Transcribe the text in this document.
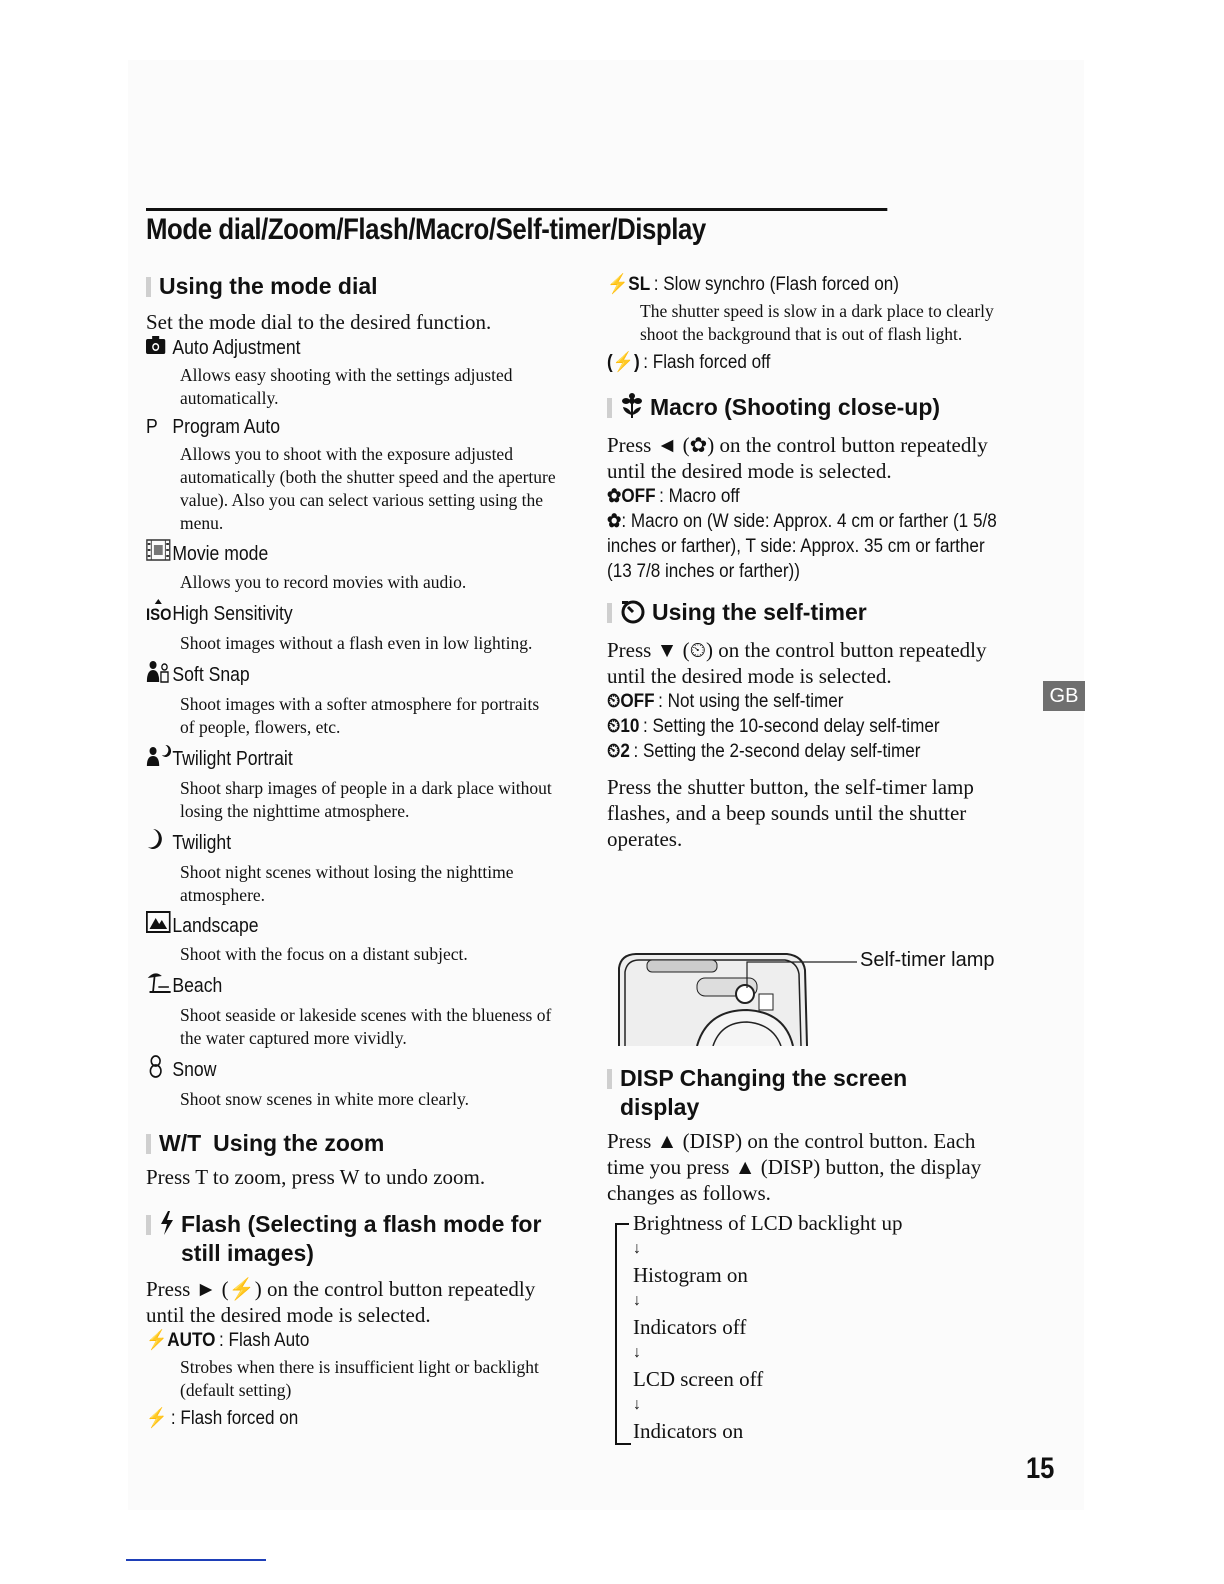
Mode dial/Zoom/Flash/Macro/Self-timer/Display
Using the mode dial

Set the mode dial to the desired function.

Auto Adjustment
Allows easy shooting with the settings adjusted automatically.
P Program Auto
Allows you to shoot with the exposure adjusted automatically (both the shutter speed and the aperture value). Also you can select various setting using the menu.
Movie mode
Allows you to record movies with audio.
ISO High Sensitivity
Shoot images without a flash even in low lighting.
Soft Snap
Shoot images with a softer atmosphere for portraits of people, flowers, etc.
Twilight Portrait
Shoot sharp images of people in a dark place without losing the nighttime atmosphere.
Twilight
Shoot night scenes without losing the nighttime atmosphere.
Landscape
Shoot with the focus on a distant subject.
Beach
Shoot seaside or lakeside scenes with the blueness of the water captured more vividly.
Snow
Shoot snow scenes in white more clearly.
W/T Using the zoom

Press T to zoom, press W to undo zoom.

Flash (Selecting a flash mode for still images)

Press ► (⚡) on the control button repeatedly until the desired mode is selected.

⚡AUTO : Flash Auto
Strobes when there is insufficient light or backlight (default setting)
⚡ : Flash forced on
⚡SL : Slow synchro (Flash forced on)
The shutter speed is slow in a dark place to clearly shoot the background that is out of flash light.
(⚡) : Flash forced off
Macro (Shooting close-up)

Press ◄ (✿) on the control button repeatedly until the desired mode is selected.

✿OFF : Macro off
✿: Macro on (W side: Approx. 4 cm or farther (1 5/8 inches or farther), T side: Approx. 35 cm or farther (13 7/8 inches or farther))
Using the self-timer

Press ▼ (⏲) on the control button repeatedly until the desired mode is selected.

⏲OFF : Not using the self-timer
⏲10 : Setting the 10-second delay self-timer
⏲2 : Setting the 2-second delay self-timer

Press the shutter button, the self-timer lamp flashes, and a beep sounds until the shutter operates.

Self-timer lamp
DISP Changing the screen display

Press ▲ (DISP) on the control button. Each time you press ▲ (DISP) button, the display changes as follows.

Brightness of LCD backlight up
↓
Histogram on
↓
Indicators off
↓
LCD screen off
↓
Indicators on
GB
15
